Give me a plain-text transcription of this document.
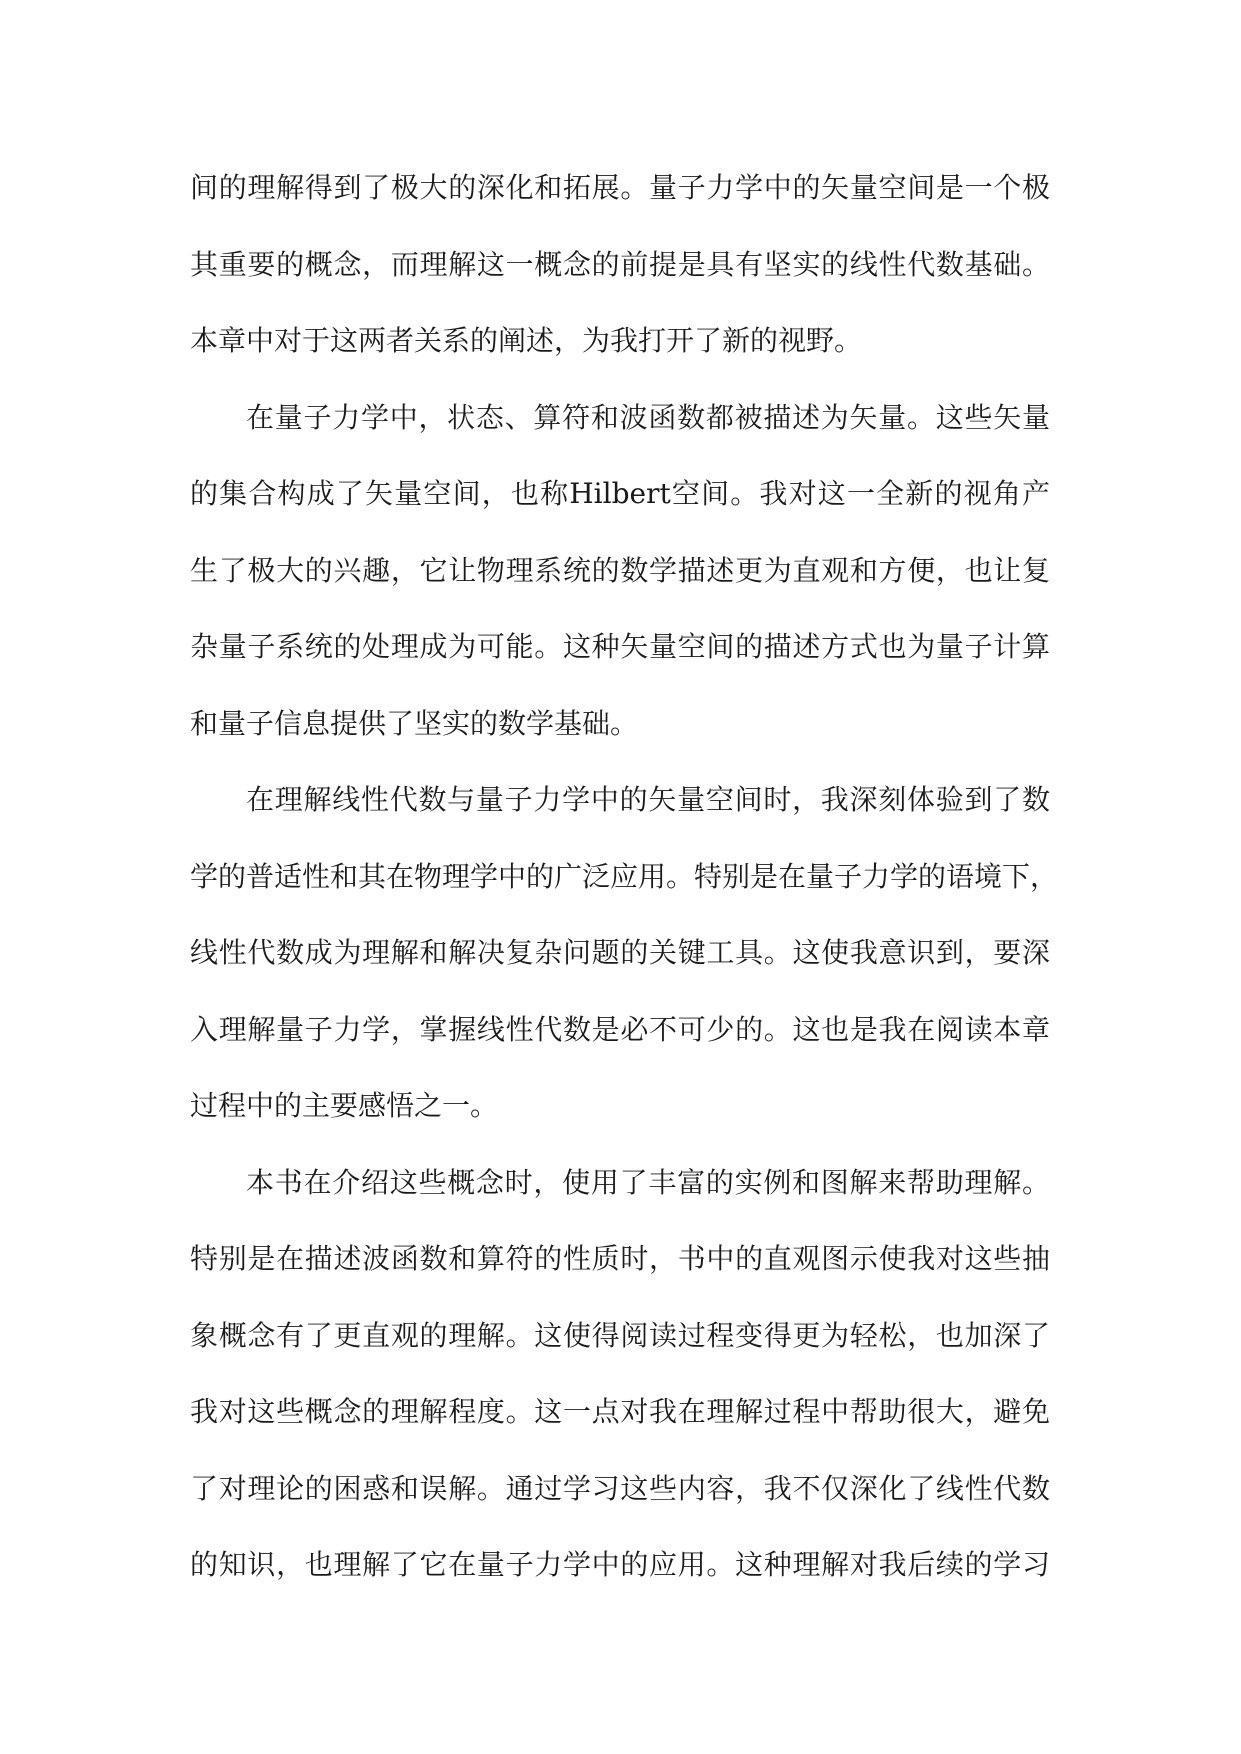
间的理解得到了极大的深化和拓展。量子力学中的矢量空间是一个极
其重要的概念，而理解这一概念的前提是具有坚实的线性代数基础。
本章中对于这两者关系的阐述，为我打开了新的视野。
在量子力学中，状态、算符和波函数都被描述为矢量。这些矢量
的集合构成了矢量空间，也称Hilbert空间。我对这一全新的视角产
生了极大的兴趣，它让物理系统的数学描述更为直观和方便，也让复
杂量子系统的处理成为可能。这种矢量空间的描述方式也为量子计算
和量子信息提供了坚实的数学基础。
在理解线性代数与量子力学中的矢量空间时，我深刻体验到了数
学的普适性和其在物理学中的广泛应用。特别是在量子力学的语境下，
线性代数成为理解和解决复杂问题的关键工具。这使我意识到，要深
入理解量子力学，掌握线性代数是必不可少的。这也是我在阅读本章
过程中的主要感悟之一。
本书在介绍这些概念时，使用了丰富的实例和图解来帮助理解。
特别是在描述波函数和算符的性质时，书中的直观图示使我对这些抽
象概念有了更直观的理解。这使得阅读过程变得更为轻松，也加深了
我对这些概念的理解程度。这一点对我在理解过程中帮助很大，避免
了对理论的困惑和误解。通过学习这些内容，我不仅深化了线性代数
的知识，也理解了它在量子力学中的应用。这种理解对我后续的学习
